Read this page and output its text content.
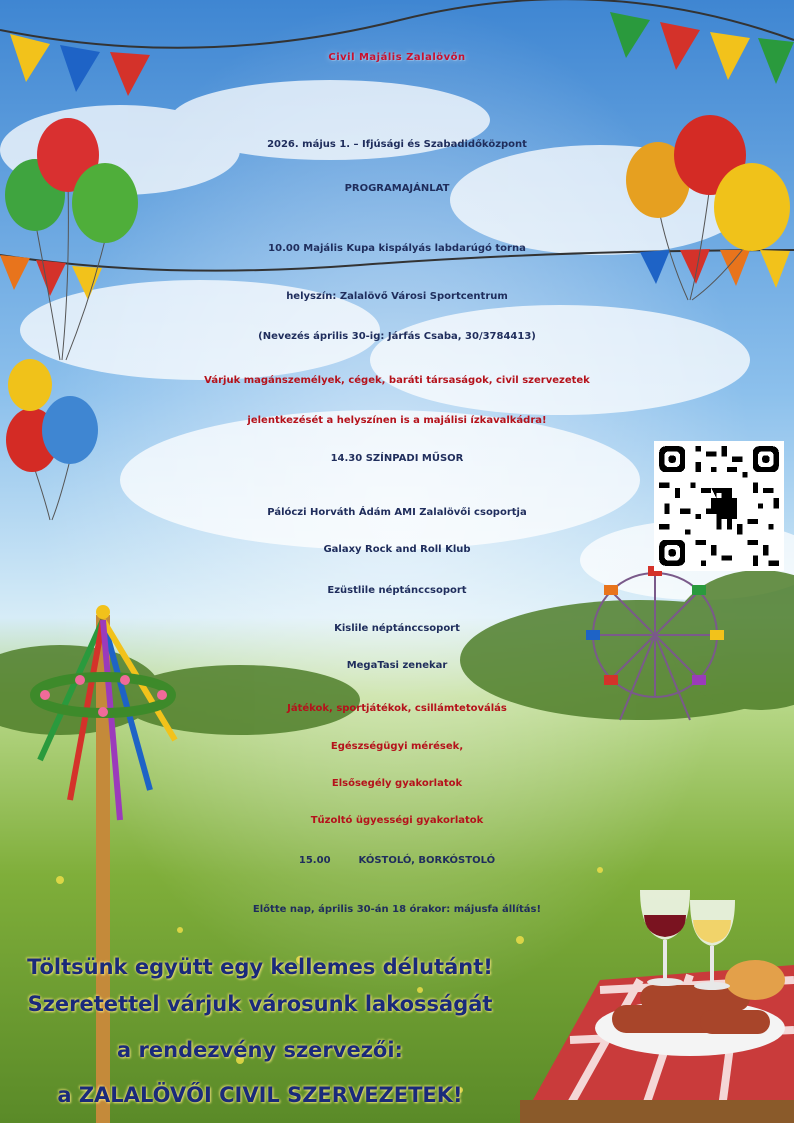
Civil Majális Zalalövőn
2026. május 1. – Ifjúsági és Szabadidőközpont
PROGRAMAJÁNLAT
10.00 Majális Kupa kispályás labdarúgó torna
helyszín: Zalalövő Városi Sportcentrum
(Nevezés április 30-ig: Járfás Csaba, 30/3784413)
Várjuk magánszemélyek, cégek, baráti társaságok, civil szervezetek
jelentkezését a helyszínen is a majálisi ízkavalkádra!
14.30 SZÍNPADI MŰSOR
Pálóczi Horváth Ádám AMI Zalalövői csoportja
Galaxy Rock and Roll Klub
Ezüstlile néptánccsoport
Kislile néptánccsoport
MegaTasi zenekar
Játékok, sportjátékok, csillámtetoválás
Egészségügyi mérések,
Elsősegély gyakorlatok
Tűzoltó ügyességi gyakorlatok
15.00	KÓSTOLÓ, BORKÓSTOLÓ
Előtte nap, április 30-án 18 órakor: májusfa állítás!
Töltsünk együtt egy kellemes délutánt!
Szeretettel várjuk városunk lakosságát
a rendezvény szervezői:
a ZALALÖVŐI CIVIL SZERVEZETEK!
